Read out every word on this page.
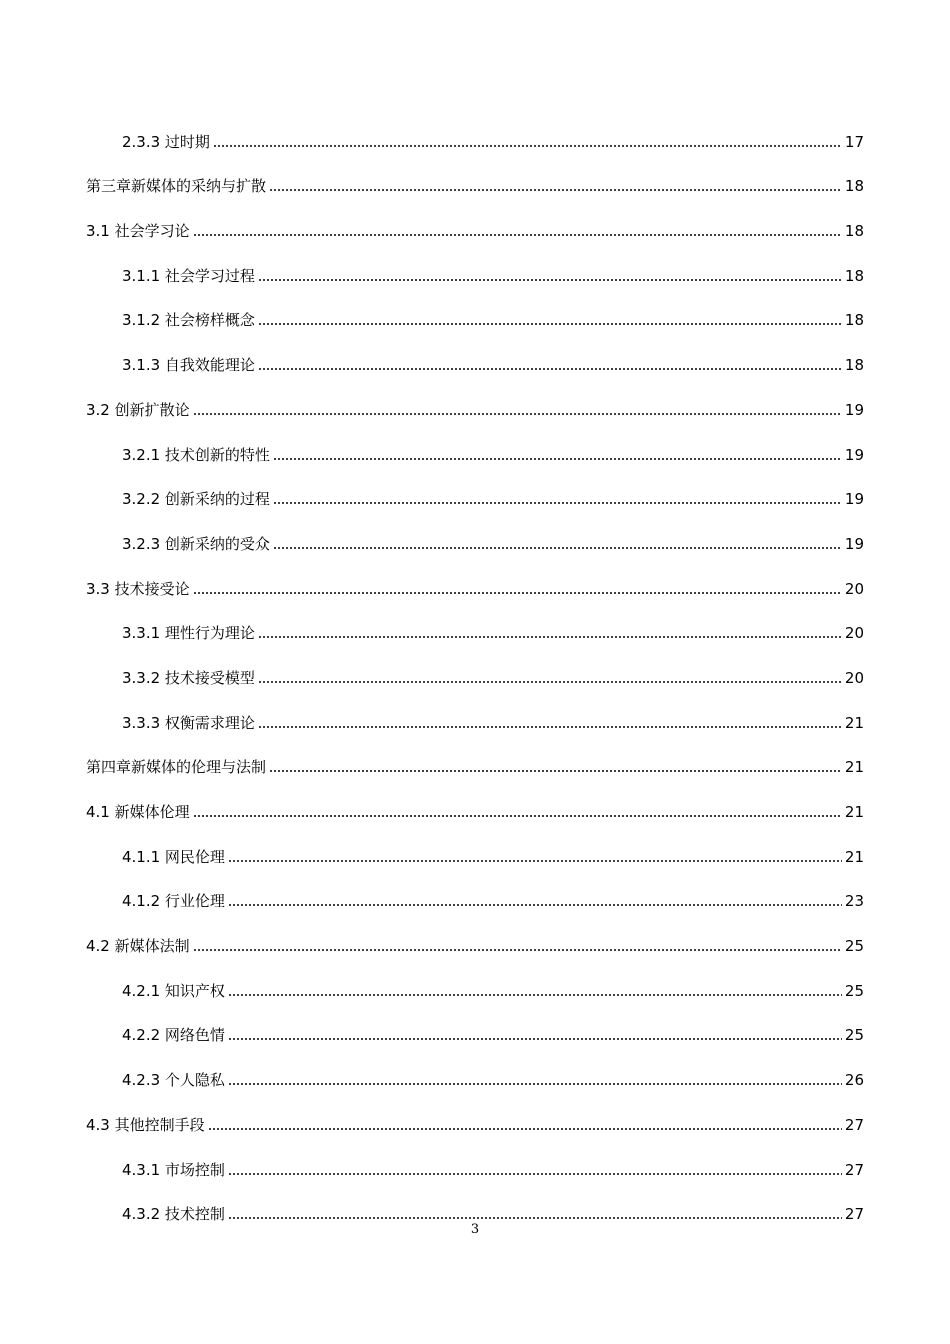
2.3.3 过时期	17
第三章新媒体的采纳与扩散	18
3.1 社会学习论	18
3.1.1 社会学习过程	18
3.1.2 社会榜样概念	18
3.1.3 自我效能理论	18
3.2 创新扩散论	19
3.2.1 技术创新的特性	19
3.2.2 创新采纳的过程	19
3.2.3 创新采纳的受众	19
3.3 技术接受论	20
3.3.1 理性行为理论	20
3.3.2 技术接受模型	20
3.3.3 权衡需求理论	21
第四章新媒体的伦理与法制	21
4.1 新媒体伦理	21
4.1.1 网民伦理	21
4.1.2 行业伦理	23
4.2 新媒体法制	25
4.2.1 知识产权	25
4.2.2 网络色情	25
4.2.3 个人隐私	26
4.3 其他控制手段	27
4.3.1 市场控制	27
4.3.2 技术控制	27
3
